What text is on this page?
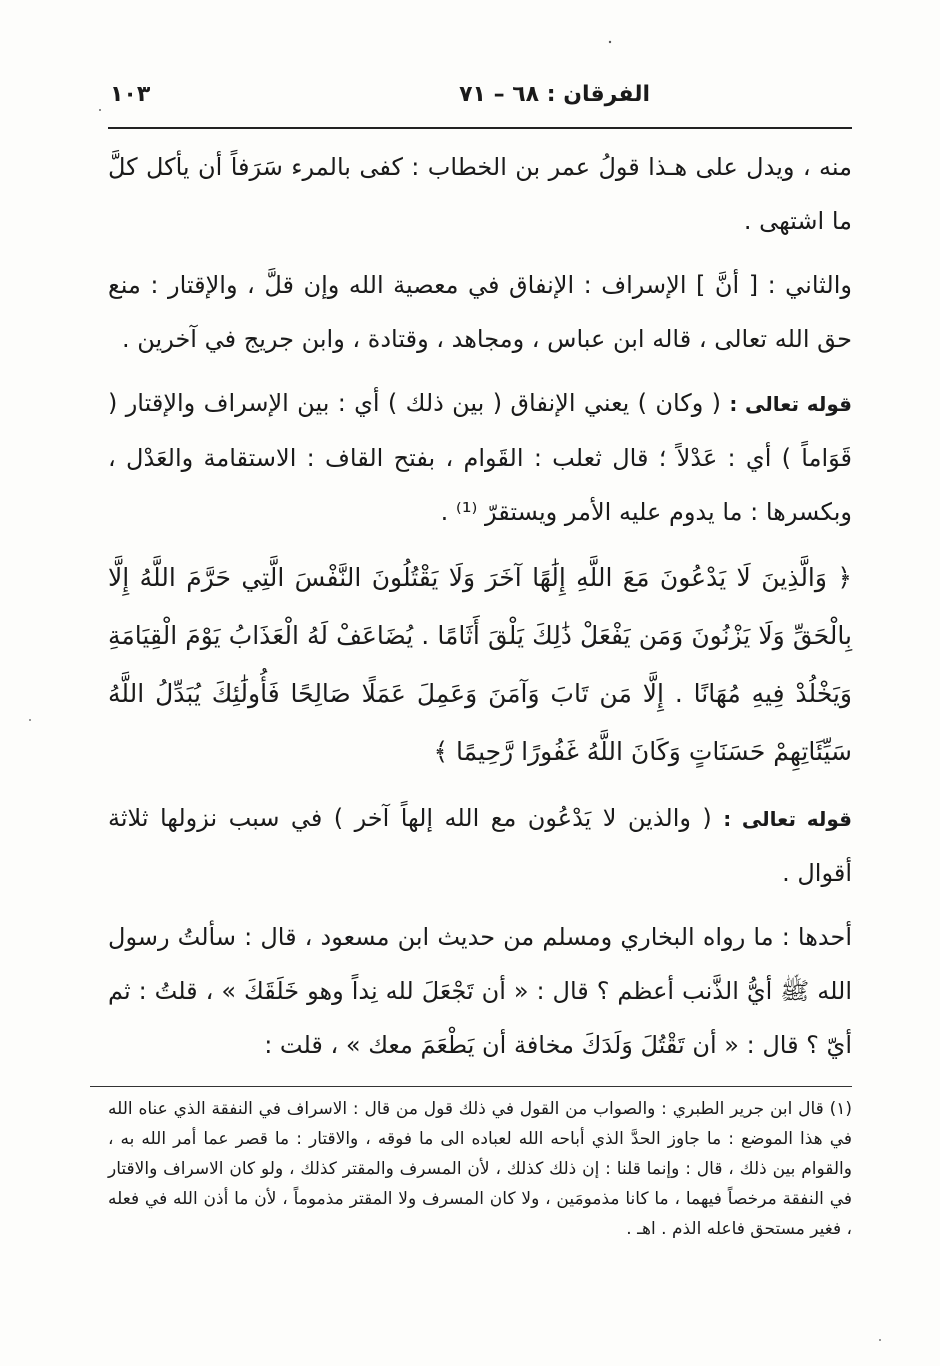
الفرقان : ٦٨ – ٧١
١٠٣

منه ، ويدل على هـذا قولُ عمر بن الخطاب : كفى بالمرء سَرَفاً أن يأكل كلَّ ما اشتهى .

والثاني : [ أنَّ ] الإسراف : الإنفاق في معصية الله وإن قلَّ ، والإقتار : منع حق الله تعالى ، قاله ابن عباس ، ومجاهد ، وقتادة ، وابن جريج في آخرين .

قوله تعالى : ( وكان ) يعني الإنفاق ( بين ذلك ) أي : بين الإسراف والإقتار ( قَوَاماً ) أي : عَدْلاً ؛ قال ثعلب : القَوام ، بفتح القاف : الاستقامة والعَدْل ، وبكسرها : ما يدوم عليه الأمر ويستقرّ ⁽¹⁾ .

﴿ وَالَّذِينَ لَا يَدْعُونَ مَعَ اللَّهِ إِلَٰهًا آخَرَ وَلَا يَقْتُلُونَ النَّفْسَ الَّتِي حَرَّمَ اللَّهُ إِلَّا بِالْحَقِّ وَلَا يَزْنُونَ وَمَن يَفْعَلْ ذَٰلِكَ يَلْقَ أَثَامًا . يُضَاعَفْ لَهُ الْعَذَابُ يَوْمَ الْقِيَامَةِ وَيَخْلُدْ فِيهِ مُهَانًا . إِلَّا مَن تَابَ وَآمَنَ وَعَمِلَ عَمَلًا صَالِحًا فَأُولَٰئِكَ يُبَدِّلُ اللَّهُ سَيِّئَاتِهِمْ حَسَنَاتٍ وَكَانَ اللَّهُ غَفُورًا رَّحِيمًا ﴾

قوله تعالى : ( والذين لا يَدْعُون مع الله إلهاً آخر ) في سبب نزولها ثلاثة أقوال .

أحدها : ما رواه البخاري ومسلم من حديث ابن مسعود ، قال : سألتُ رسول الله ﷺ أيُّ الذَّنب أعظم ؟ قال : « أن تَجْعَلَ لله نِداً وهو خَلَقَكَ » ، قلتُ : ثم أيّ ؟ قال : « أن تَقْتُلَ وَلَدَكَ مخافة أن يَطْعَمَ معك » ، قلت :

(١) قال ابن جرير الطبري : والصواب من القول في ذلك قول من قال : الاسراف في النفقة الذي عناه الله في هذا الموضع : ما جاوز الحدَّ الذي أباحه الله لعباده الى ما فوقه ، والاقتار : ما قصر عما أمر الله به ، والقوام بين ذلك ، قال : وإنما قلنا : إن ذلك كذلك ، لأن المسرف والمقتر كذلك ، ولو كان الاسراف والاقتار في النفقة مرخصاً فيهما ، ما كانا مذمومَين ، ولا كان المسرف ولا المقتر مذموماً ، لأن ما أذن الله في فعله ، فغير مستحق فاعله الذم . اهـ .
